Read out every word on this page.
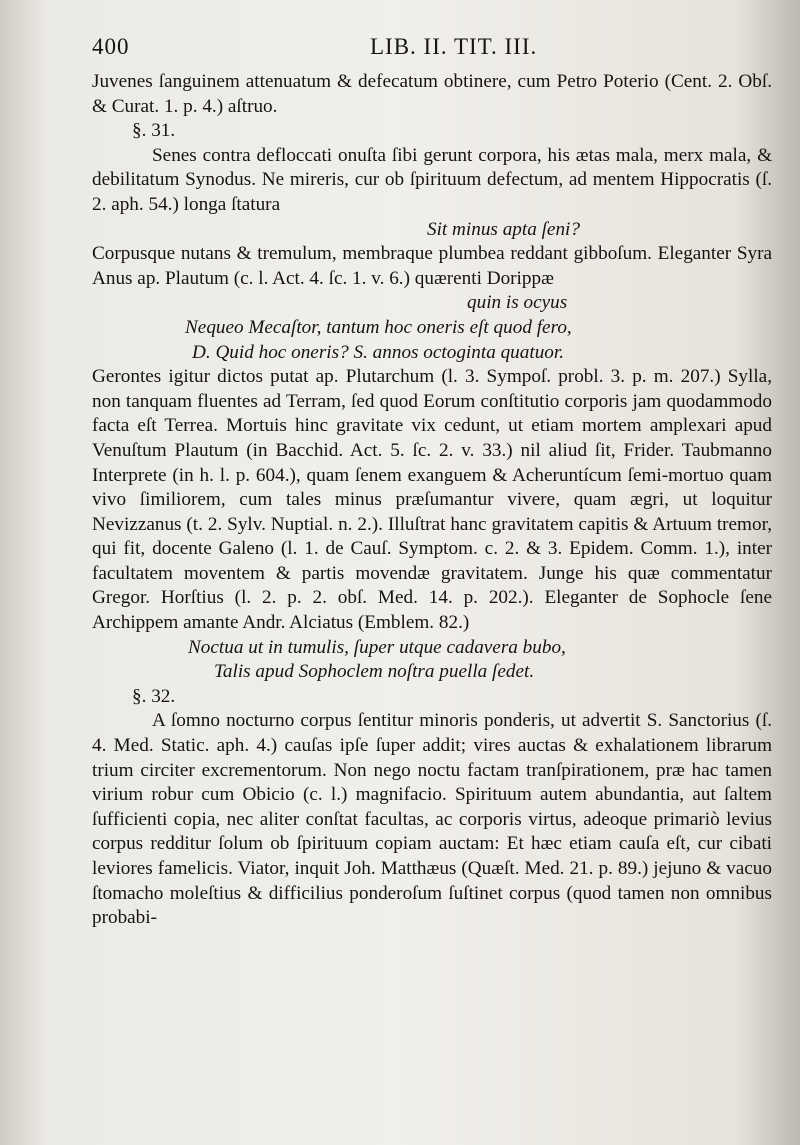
400	LIB. II. TIT. III.

Juvenes ſanguinem attenuatum & defecatum obtinere, cum Petro Poterio (Cent. 2. Obſ. & Curat. 1. p. 4.) aſtruo.

§. 31.

Senes contra defloccati onuſta ſibi gerunt corpora, his ætas mala, merx mala, & debilitatum Synodus. Ne mireris, cur ob ſpirituum defectum, ad mentem Hippocratis (ſ. 2. aph. 54.) longa ſtatura

Sit minus apta ſeni?

Corpusque nutans & tremulum, membraque plumbea reddant gibboſum. Eleganter Syra Anus ap. Plautum (c. l. Act. 4. ſc. 1. v. 6.) quærenti Dorippæ

quin is ocyus

Nequeo Mecaſtor, tantum hoc oneris eſt quod fero,

D. Quid hoc oneris? S. annos octoginta quatuor.

Gerontes igitur dictos putat ap. Plutarchum (l. 3. Sympoſ. probl. 3. p. m. 207.) Sylla, non tanquam fluentes ad Terram, ſed quod Eorum conſtitutio corporis jam quodammodo facta eſt Terrea. Mortuis hinc gravitate vix cedunt, ut etiam mortem amplexari apud Venuſtum Plautum (in Bacchid. Act. 5. ſc. 2. v. 33.) nil aliud ſit, Frider. Taubmanno Interprete (in h. l. p. 604.), quam ſenem exanguem & Acheruntícum ſemi-mortuo quam vivo ſimiliorem, cum tales minus præſumantur vivere, quam ægri, ut loquitur Nevizzanus (t. 2. Sylv. Nuptial. n. 2.). Illuſtrat hanc gravitatem capitis & Artuum tremor, qui fit, docente Galeno (l. 1. de Cauſ. Symptom. c. 2. & 3. Epidem. Comm. 1.), inter facultatem moventem & partis movendæ gravitatem. Junge his quæ commentatur Gregor. Horſtius (l. 2. p. 2. obſ. Med. 14. p. 202.). Eleganter de Sophocle ſene Archippem amante Andr. Alciatus (Emblem. 82.)

Noctua ut in tumulis, ſuper utque cadavera bubo,

Talis apud Sophoclem noſtra puella ſedet.

§. 32.

A ſomno nocturno corpus ſentitur minoris ponderis, ut advertit S. Sanctorius (ſ. 4. Med. Static. aph. 4.) cauſas ipſe ſuper addit; vires auctas & exhalationem librarum trium circiter excrementorum. Non nego noctu factam tranſpirationem, præ hac tamen virium robur cum Obicio (c. l.) magnifacio. Spirituum autem abundantia, aut ſaltem ſufficienti copia, nec aliter conſtat facultas, ac corporis virtus, adeoque primariò levius corpus redditur ſolum ob ſpirituum copiam auctam: Et hæc etiam cauſa eſt, cur cibati leviores famelicis. Viator, inquit Joh. Matthæus (Quæſt. Med. 21. p. 89.) jejuno & vacuo ſtomacho moleſtius & difficilius ponderoſum ſuſtinet corpus (quod tamen non omnibus probabi-
